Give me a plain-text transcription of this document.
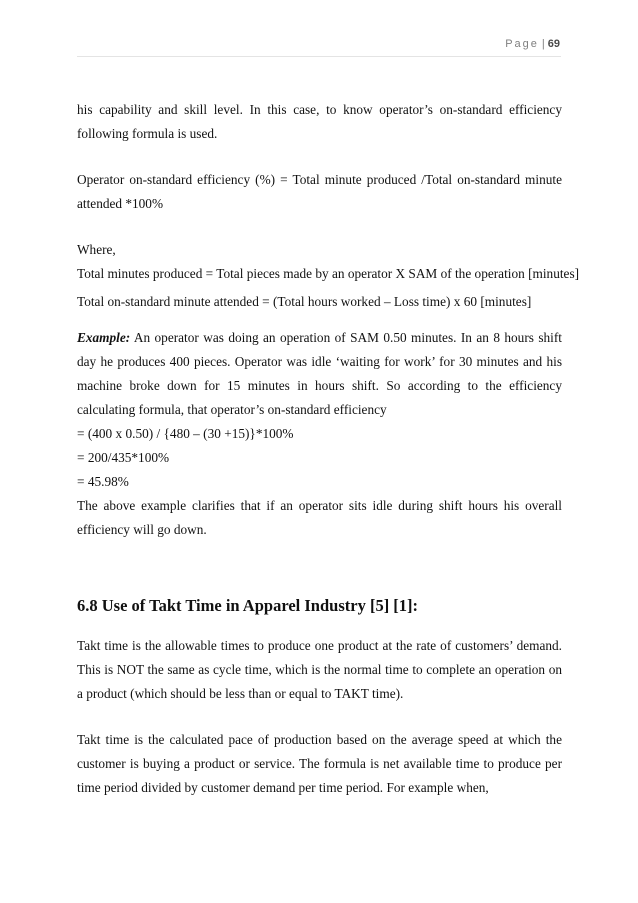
Page | 69

his capability and skill level. In this case, to know operator’s on-standard efficiency following formula is used.

Operator on-standard efficiency (%) = Total minute produced /Total on-standard minute attended *100%

Where,

Total minutes produced = Total pieces made by an operator X SAM of the operation [minutes]

Total on-standard minute attended = (Total hours worked – Loss time) x 60 [minutes]

Example: An operator was doing an operation of SAM 0.50 minutes. In an 8 hours shift day he produces 400 pieces. Operator was idle ‘waiting for work’ for 30 minutes and his machine broke down for 15 minutes in hours shift. So according to the efficiency calculating formula, that operator’s on-standard efficiency

= (400 x 0.50) / {480 – (30 +15)}*100%

= 200/435*100%

= 45.98%

The above example clarifies that if an operator sits idle during shift hours his overall efficiency will go down.

6.8 Use of Takt Time in Apparel Industry [5] [1]:

Takt time is the allowable times to produce one product at the rate of customers’ demand. This is NOT the same as cycle time, which is the normal time to complete an operation on a product (which should be less than or equal to TAKT time).

Takt time is the calculated pace of production based on the average speed at which the customer is buying a product or service. The formula is net available time to produce per time period divided by customer demand per time period. For example when,
